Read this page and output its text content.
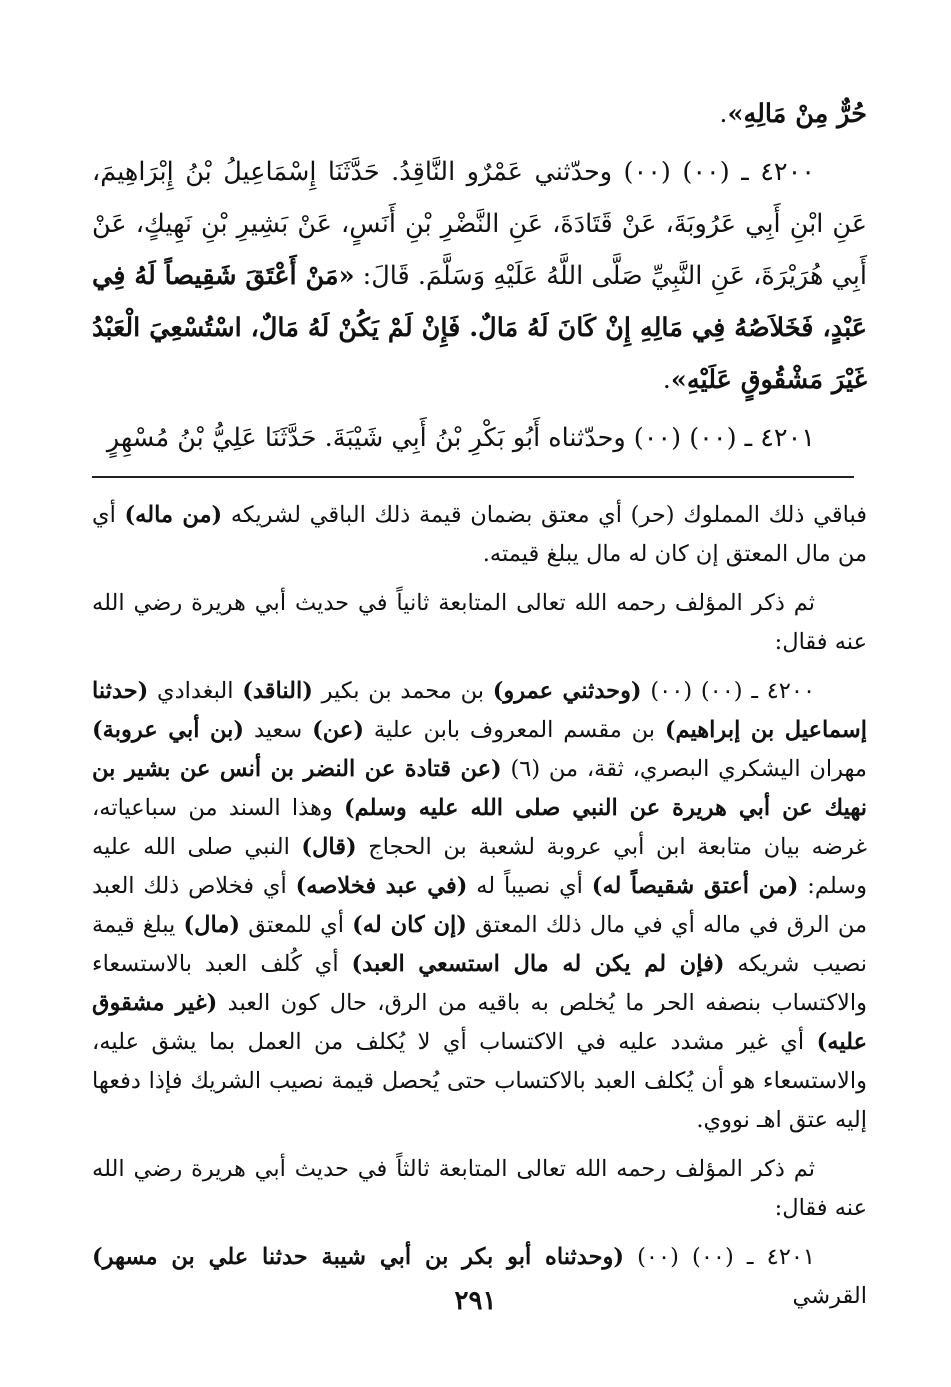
حُرٌّ مِنْ مَالِهِ».

٤٢٠٠ ـ (٠٠) (٠٠) وحدّثني عَمْرٌو النَّاقِدُ. حَدَّثَنَا إِسْمَاعِيلُ بْنُ إِبْرَاهِيمَ، عَنِ ابْنِ أَبِي عَرُوبَةَ، عَنْ قَتَادَةَ، عَنِ النَّضْرِ بْنِ أَنَسٍ، عَنْ بَشِيرِ بْنِ نَهِيكٍ، عَنْ أَبِي هُرَيْرَةَ، عَنِ النَّبِيِّ صَلَّى اللَّهُ عَلَيْهِ وَسَلَّمَ. قَالَ: «مَنْ أَعْتَقَ شَقِيصاً لَهُ فِي عَبْدٍ، فَخَلاَصُهُ فِي مَالِهِ إِنْ كَانَ لَهُ مَالٌ. فَإِنْ لَمْ يَكُنْ لَهُ مَالٌ، اسْتُسْعِيَ الْعَبْدُ غَيْرَ مَشْقُوقٍ عَلَيْهِ».

٤٢٠١ ـ (٠٠) (٠٠) وحدّثناه أَبُو بَكْرِ بْنُ أَبِي شَيْبَةَ. حَدَّثَنَا عَلِيُّ بْنُ مُسْهِرٍ

فباقي ذلك المملوك (حر) أي معتق بضمان قيمة ذلك الباقي لشريكه (من ماله) أي من مال المعتق إن كان له مال يبلغ قيمته.

ثم ذكر المؤلف رحمه الله تعالى المتابعة ثانياً في حديث أبي هريرة رضي الله عنه فقال:

٤٢٠٠ ـ (٠٠) (٠٠) (وحدثني عمرو) بن محمد بن بكير (الناقد) البغدادي (حدثنا إسماعيل بن إبراهيم) بن مقسم المعروف بابن علية (عن) سعيد (بن أبي عروبة) مهران اليشكري البصري، ثقة، من (٦) (عن قتادة عن النضر بن أنس عن بشير بن نهيك عن أبي هريرة عن النبي صلى الله عليه وسلم) وهذا السند من سباعياته، غرضه بيان متابعة ابن أبي عروبة لشعبة بن الحجاج (قال) النبي صلى الله عليه وسلم: (من أعتق شقيصاً له) أي نصيباً له (في عبد فخلاصه) أي فخلاص ذلك العبد من الرق في ماله أي في مال ذلك المعتق (إن كان له) أي للمعتق (مال) يبلغ قيمة نصيب شريكه (فإن لم يكن له مال استسعي العبد) أي كُلف العبد بالاستسعاء والاكتساب بنصفه الحر ما يُخلص به باقيه من الرق، حال كون العبد (غير مشقوق عليه) أي غير مشدد عليه في الاكتساب أي لا يُكلف من العمل بما يشق عليه، والاستسعاء هو أن يُكلف العبد بالاكتساب حتى يُحصل قيمة نصيب الشريك فإذا دفعها إليه عتق اهـ نووي.

ثم ذكر المؤلف رحمه الله تعالى المتابعة ثالثاً في حديث أبي هريرة رضي الله عنه فقال:

٤٢٠١ ـ (٠٠) (٠٠) (وحدثناه أبو بكر بن أبي شيبة حدثنا علي بن مسهر) القرشي

٢٩١
